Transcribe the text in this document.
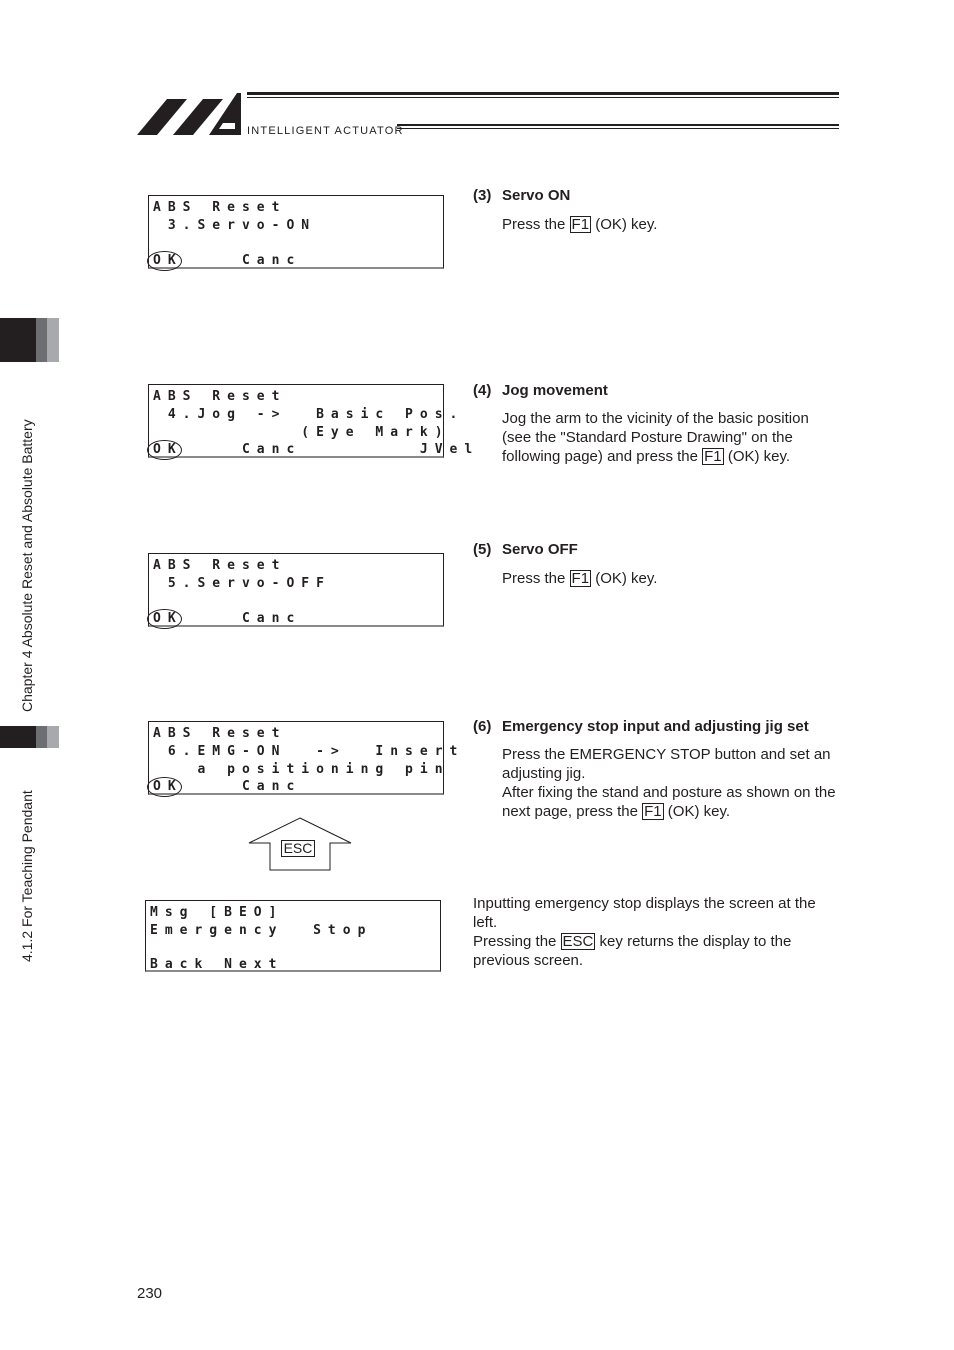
INTELLIGENT ACTUATOR
Chapter 4 Absolute Reset and Absolute Battery
4.1.2 For Teaching Pendant
ABS Reset
3.Servo-ON
OK    Canc
ABS Reset
4.Jog ->  Basic Pos.
(Eye Mark)
OK    Canc        JVel
ABS Reset
5.Servo-OFF
OK    Canc
ABS Reset
6.EMG-ON  ->  Insert
a positioning pin
OK    Canc
ESC
Msg [BEO]
Emergency  Stop
Back Next
(3) Servo ON
Press the F1 (OK) key.
(4) Jog movement
Jog the arm to the vicinity of the basic position (see the "Standard Posture Drawing" on the following page) and press the F1 (OK) key.
(5) Servo OFF
Press the F1 (OK) key.
(6) Emergency stop input and adjusting jig set
Press the EMERGENCY STOP button and set an adjusting jig.
After fixing the stand and posture as shown on the next page, press the F1 (OK) key.
Inputting emergency stop displays the screen at the left.
Pressing the ESC key returns the display to the previous screen.
230
